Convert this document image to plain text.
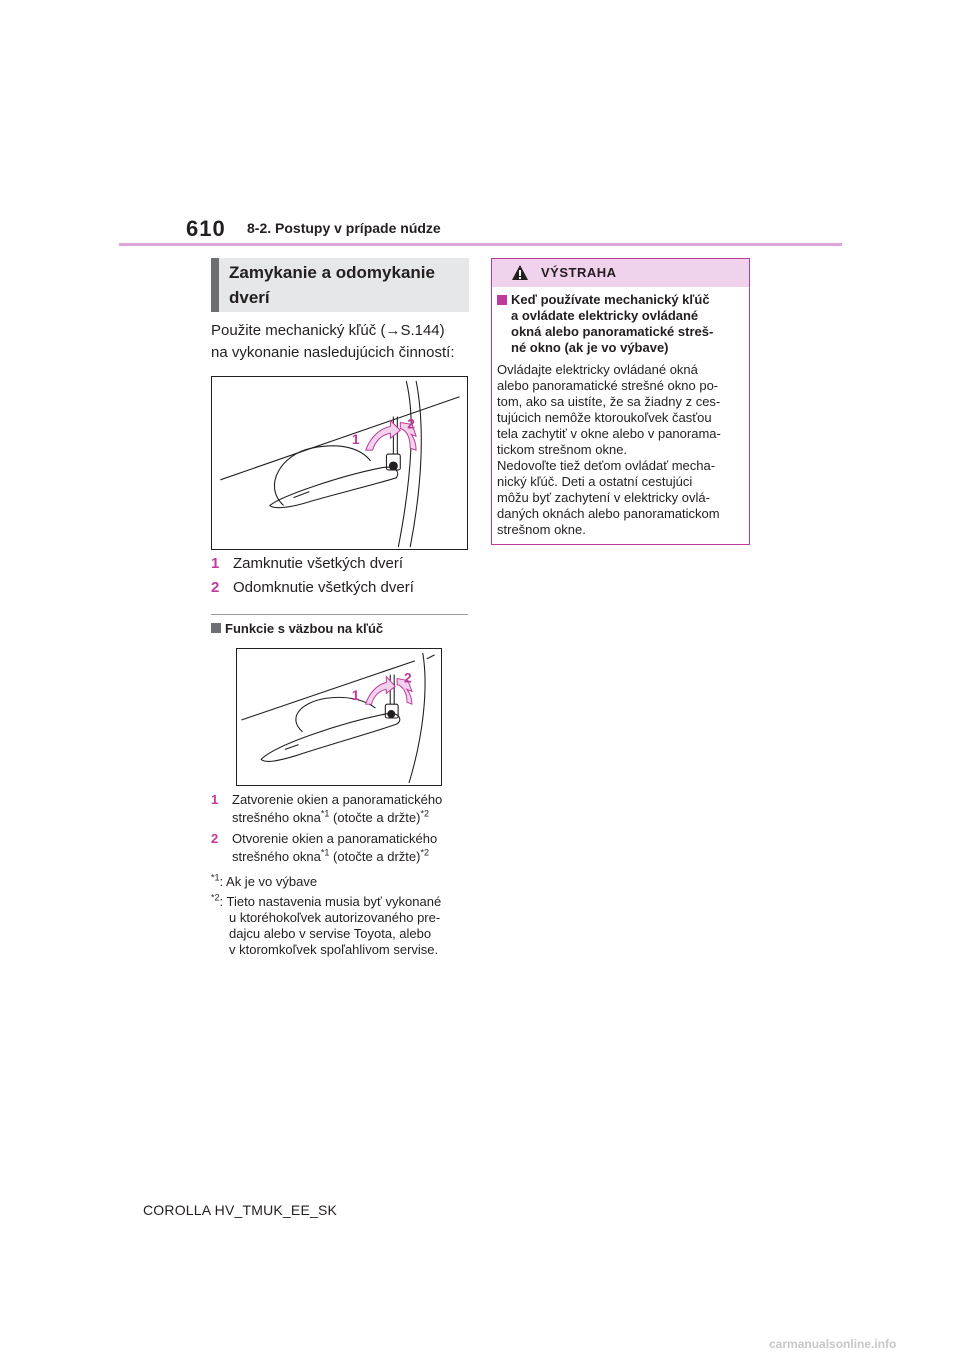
610 8-2. Postupy v prípade núdze
Zamykanie a odomykanie
dverí
Použite mechanický kľúč (→S.144)
na vykonanie nasledujúcich činností:
1
2
1 Zamknutie všetkých dverí
2 Odomknutie všetkých dverí
Funkcie s väzbou na kľúč
1
2
1 Zatvorenie okien a panoramatického
strešného okna$^{*1}$ (otočte a držte)$^{*2}$
2 Otvorenie okien a panoramatického
strešného okna$^{*1}$ (otočte a držte)$^{*2}$
$^{*1}$: Ak je vo výbave
$^{*2}$: Tieto nastavenia musia byť vykonané
u ktoréhokoľvek autorizovaného pre-
dajcu alebo v servise Toyota, alebo
v ktoromkoľvek spoľahlivom servise.
VÝSTRAHA
Keď používate mechanický kľúč
a ovládate elektricky ovládané
okná alebo panoramatické streš-
né okno (ak je vo výbave)
Ovládajte elektricky ovládané okná
alebo panoramatické strešné okno po-
tom, ako sa uistíte, že sa žiadny z ces-
tujúcich nemôže ktoroukoľvek časťou
tela zachytiť v okne alebo v panorama-
tickom strešnom okne.
Nedovoľte tiež deťom ovládať mecha-
nický kľúč. Deti a ostatní cestujúci
môžu byť zachytení v elektricky ovlá-
daných oknách alebo panoramatickom
strešnom okne.
COROLLA HV_TMUK_EE_SK
carmanualsonline.info
